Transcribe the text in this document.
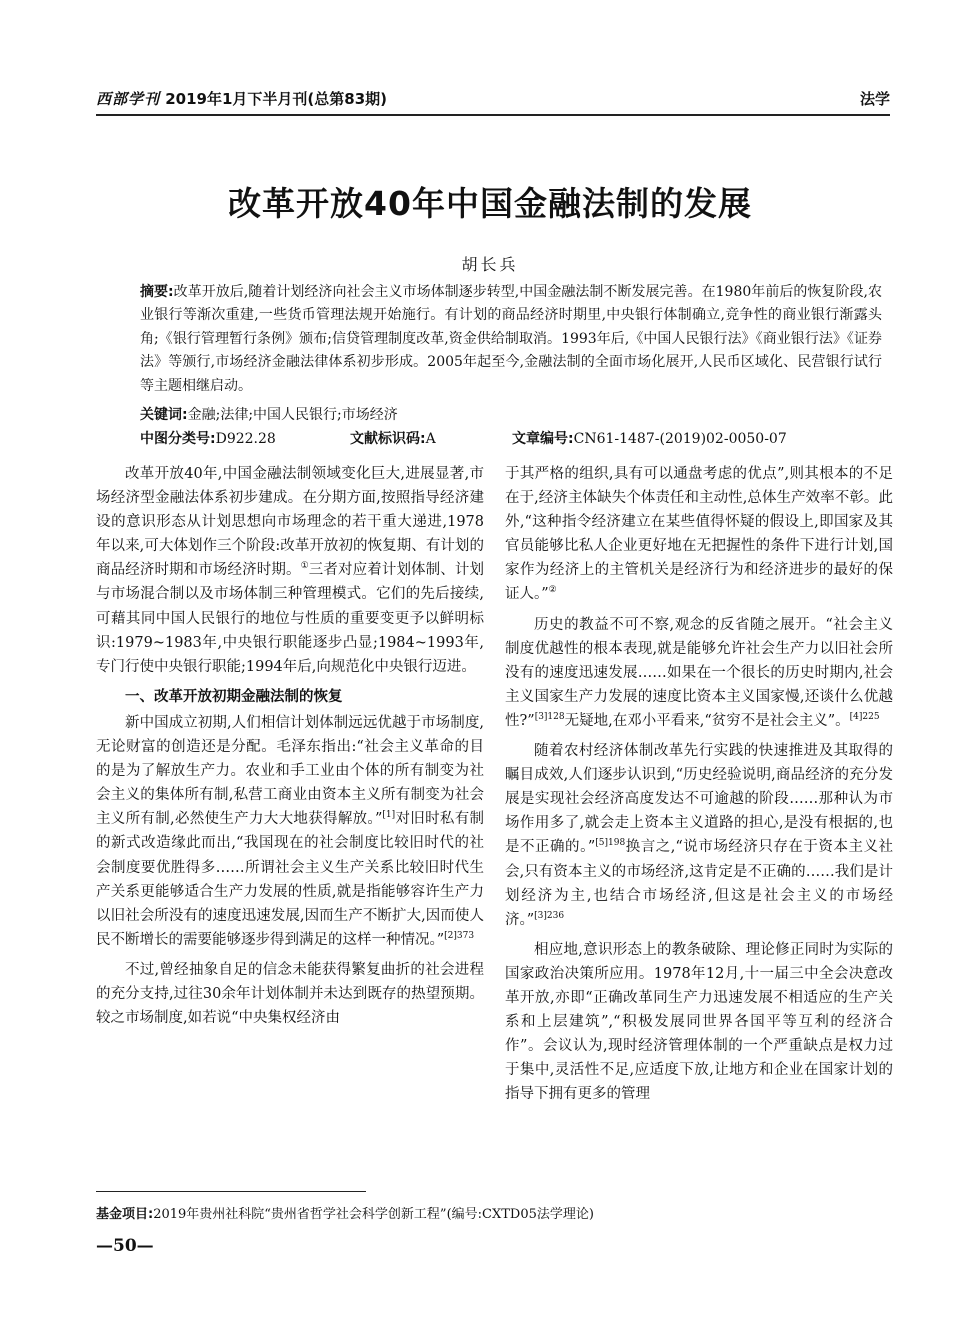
西部学刊 2019年1月下半月刊(总第83期)	法学
改革开放40年中国金融法制的发展
胡长兵
摘要:改革开放后,随着计划经济向社会主义市场体制逐步转型,中国金融法制不断发展完善。在1980年前后的恢复阶段,农业银行等渐次重建,一些货币管理法规开始施行。有计划的商品经济时期里,中央银行体制确立,竞争性的商业银行渐露头角;《银行管理暂行条例》颁布;信贷管理制度改革,资金供给制取消。1993年后,《中国人民银行法》《商业银行法》《证券法》等颁行,市场经济金融法律体系初步形成。2005年起至今,金融法制的全面市场化展开,人民币区域化、民营银行试行等主题相继启动。
关键词:金融;法律;中国人民银行;市场经济
中图分类号:D922.28	文献标识码:A	文章编号:CN61-1487-(2019)02-0050-07

改革开放40年,中国金融法制领域变化巨大,进展显著,市场经济型金融法体系初步建成。在分期方面,按照指导经济建设的意识形态从计划思想向市场理念的若干重大递进,1978年以来,可大体划作三个阶段:改革开放初的恢复期、有计划的商品经济时期和市场经济时期。①三者对应着计划体制、计划与市场混合制以及市场体制三种管理模式。它们的先后接续,可藉其同中国人民银行的地位与性质的重要变更予以鲜明标识:1979~1983年,中央银行职能逐步凸显;1984~1993年,专门行使中央银行职能;1994年后,向规范化中央银行迈进。

一、改革开放初期金融法制的恢复

新中国成立初期,人们相信计划体制远远优越于市场制度,无论财富的创造还是分配。毛泽东指出:“社会主义革命的目的是为了解放生产力。农业和手工业由个体的所有制变为社会主义的集体所有制,私营工商业由资本主义所有制变为社会主义所有制,必然使生产力大大地获得解放。”[1]对旧时私有制的新式改造缘此而出,“我国现在的社会制度比较旧时代的社会制度要优胜得多……所谓社会主义生产关系比较旧时代生产关系更能够适合生产力发展的性质,就是指能够容许生产力以旧社会所没有的速度迅速发展,因而生产不断扩大,因而使人民不断增长的需要能够逐步得到满足的这样一种情况。”$^{[2]373}$

不过,曾经抽象自足的信念未能获得繁复曲折的社会进程的充分支持,过往30余年计划体制并未达到既存的热望预期。较之市场制度,如若说“中央集权经济由

于其严格的组织,具有可以通盘考虑的优点”,则其根本的不足在于,经济主体缺失个体责任和主动性,总体生产效率不彰。此外,“这种指令经济建立在某些值得怀疑的假设上,即国家及其官员能够比私人企业更好地在无把握性的条件下进行计划,国家作为经济上的主管机关是经济行为和经济进步的最好的保证人。”②

历史的教益不可不察,观念的反省随之展开。“社会主义制度优越性的根本表现,就是能够允许社会生产力以旧社会所没有的速度迅速发展……如果在一个很长的历史时期内,社会主义国家生产力发展的速度比资本主义国家慢,还谈什么优越性?”$^{[3]128}$无疑地,在邓小平看来,“贫穷不是社会主义”。$^{[4]225}$

随着农村经济体制改革先行实践的快速推进及其取得的瞩目成效,人们逐步认识到,“历史经验说明,商品经济的充分发展是实现社会经济高度发达不可逾越的阶段……那种认为市场作用多了,就会走上资本主义道路的担心,是没有根据的,也是不正确的。”$^{[5]198}$换言之,“说市场经济只存在于资本主义社会,只有资本主义的市场经济,这肯定是不正确的……我们是计划经济为主,也结合市场经济,但这是社会主义的市场经济。”$^{[3]236}$

相应地,意识形态上的教条破除、理论修正同时为实际的国家政治决策所应用。1978年12月,十一届三中全会决意改革开放,亦即“正确改革同生产力迅速发展不相适应的生产关系和上层建筑”,“积极发展同世界各国平等互利的经济合作”。会议认为,现时经济管理体制的一个严重缺点是权力过于集中,灵活性不足,应适度下放,让地方和企业在国家计划的指导下拥有更多的管理

基金项目:2019年贵州社科院“贵州省哲学社会科学创新工程”(编号:CXTD05法学理论)
—50—
